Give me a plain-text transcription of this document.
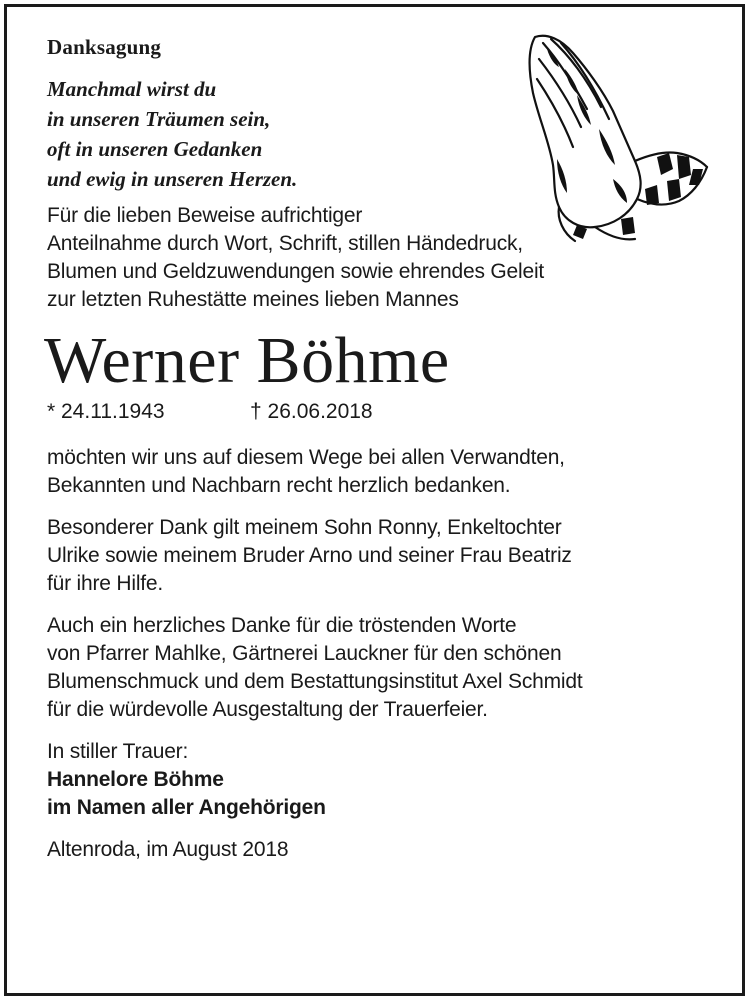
Danksagung
Manchmal wirst du
in unseren Träumen sein,
oft in unseren Gedanken
und ewig in unseren Herzen.
Für die lieben Beweise aufrichtiger
Anteilnahme durch Wort, Schrift, stillen Händedruck,
Blumen und Geldzuwendungen sowie ehrendes Geleit
zur letzten Ruhestätte meines lieben Mannes
Werner Böhme
* 24.11.1943	† 26.06.2018
möchten wir uns auf diesem Wege bei allen Verwandten,
Bekannten und Nachbarn recht herzlich bedanken.
Besonderer Dank gilt meinem Sohn Ronny, Enkeltochter
Ulrike sowie meinem Bruder Arno und seiner Frau Beatriz
für ihre Hilfe.
Auch ein herzliches Danke für die tröstenden Worte
von Pfarrer Mahlke, Gärtnerei Lauckner für den schönen
Blumenschmuck und dem Bestattungsinstitut Axel Schmidt
für die würdevolle Ausgestaltung der Trauerfeier.
In stiller Trauer:
Hannelore Böhme
im Namen aller Angehörigen
Altenroda, im August 2018
